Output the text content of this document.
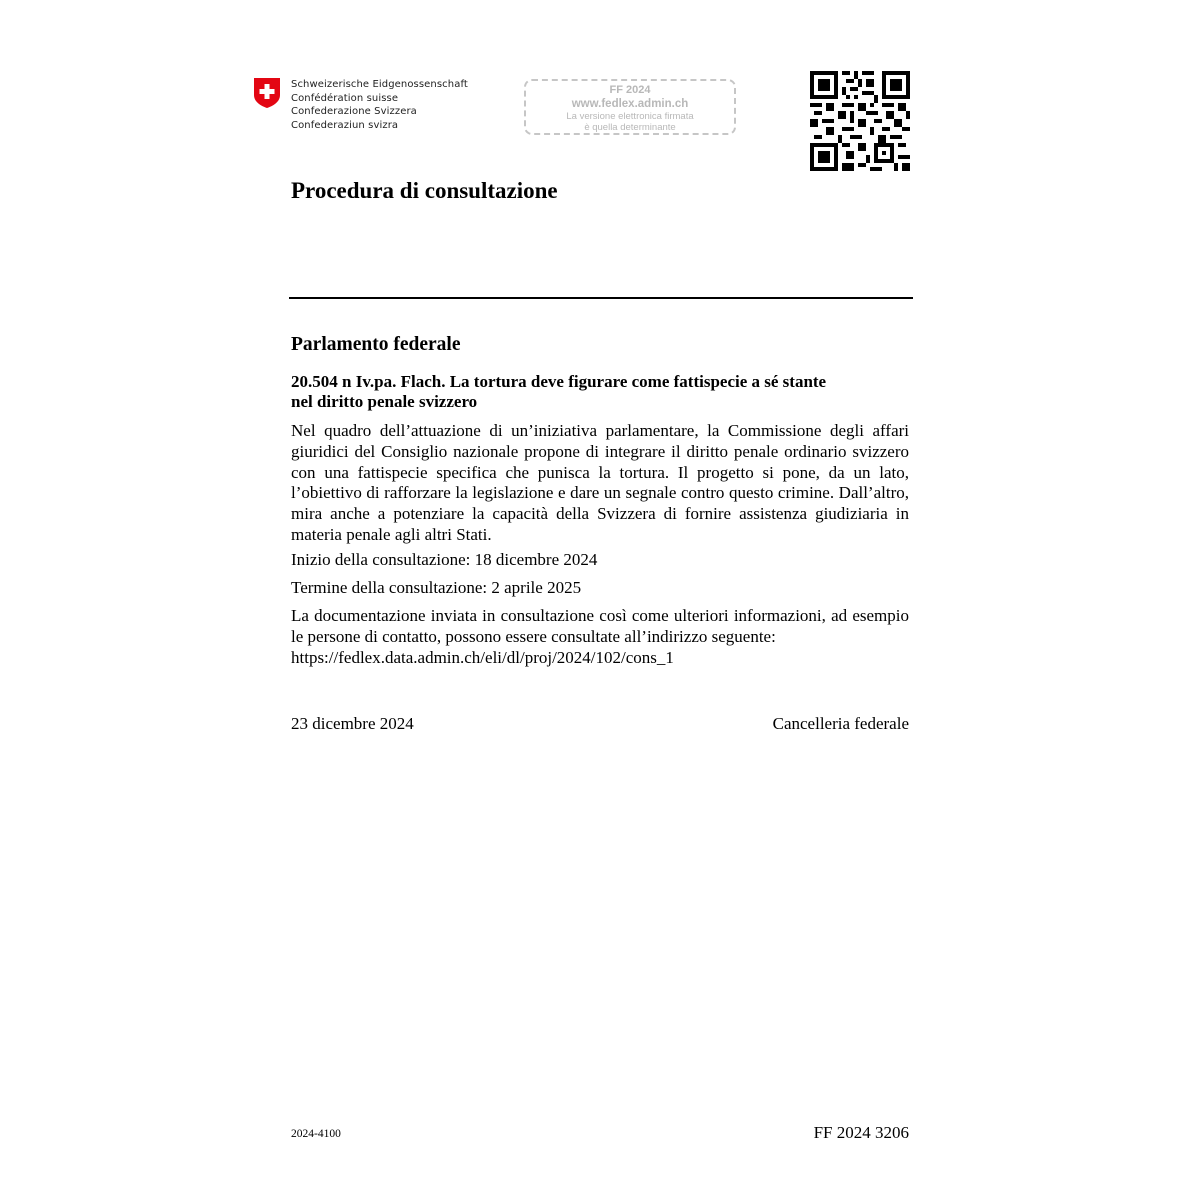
Schweizerische Eidgenossenschaft
Confédération suisse
Confederazione Svizzera
Confederaziun svizra
FF 2024
www.fedlex.admin.ch
La versione elettronica firmata
è quella determinante
Procedura di consultazione
Parlamento federale
20.504 n Iv.pa. Flach. La tortura deve figurare come fattispecie a sé stante
nel diritto penale svizzero
Nel quadro dell’attuazione di un’iniziativa parlamentare, la Commissione degli affari giuridici del Consiglio nazionale propone di integrare il diritto penale ordinario svizzero con una fattispecie specifica che punisca la tortura. Il progetto si pone, da un lato, l’obiettivo di rafforzare la legislazione e dare un segnale contro questo crimine. Dall’altro, mira anche a potenziare la capacità della Svizzera di fornire assistenza giudiziaria in materia penale agli altri Stati.
Inizio della consultazione: 18 dicembre 2024
Termine della consultazione: 2 aprile 2025
La documentazione inviata in consultazione così come ulteriori informazioni, ad esempio le persone di contatto, possono essere consultate all’indirizzo seguente:
https://fedlex.data.admin.ch/eli/dl/proj/2024/102/cons_1
23 dicembre 2024	Cancelleria federale
2024-4100	FF 2024 3206
